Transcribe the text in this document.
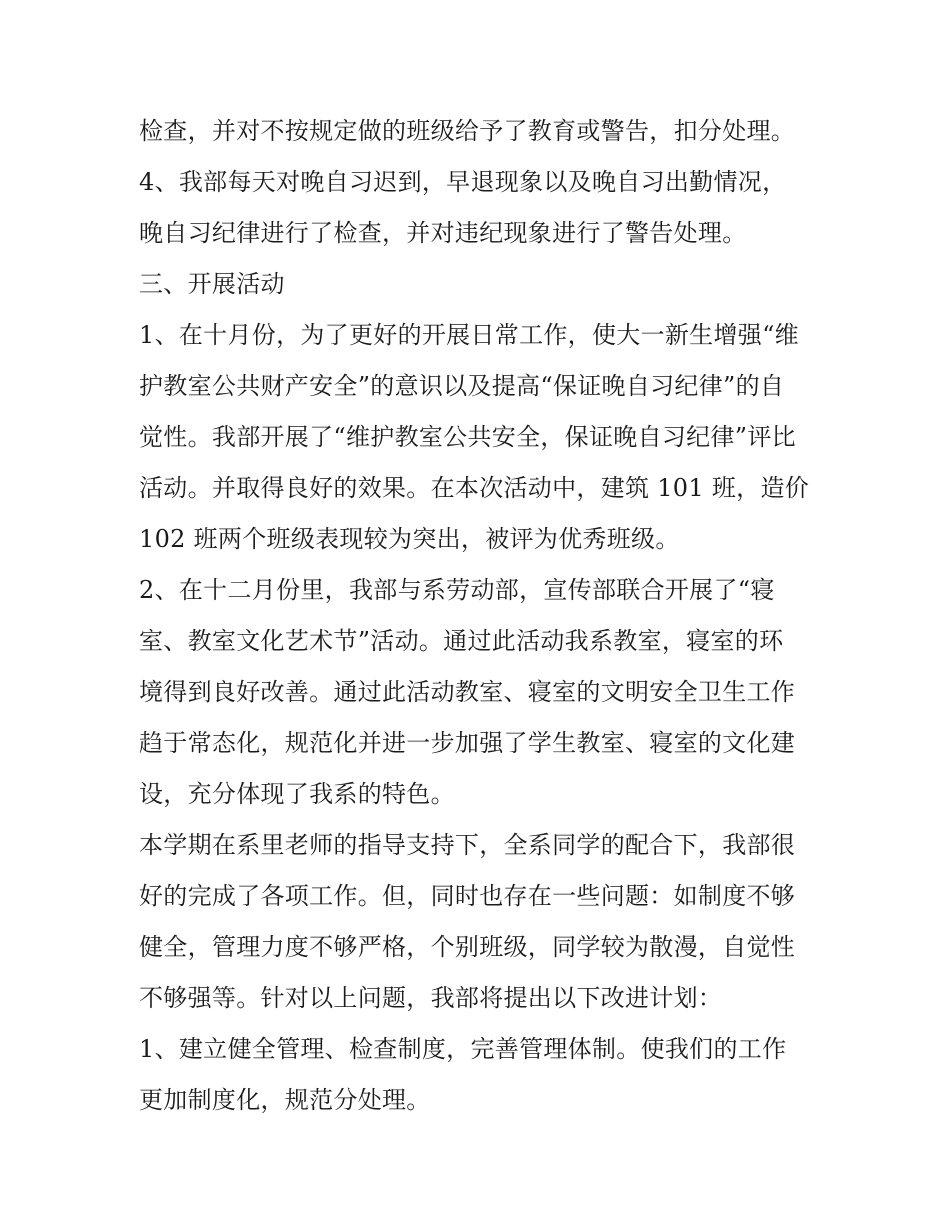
检查，并对不按规定做的班级给予了教育或警告，扣分处理。
4、我部每天对晚自习迟到，早退现象以及晚自习出勤情况，
晚自习纪律进行了检查，并对违纪现象进行了警告处理。
三、开展活动
1、在十月份，为了更好的开展日常工作，使大一新生增强“维
护教室公共财产安全”的意识以及提高“保证晚自习纪律”的自
觉性。我部开展了“维护教室公共安全，保证晚自习纪律”评比
活动。并取得良好的效果。在本次活动中，建筑 101 班，造价
102 班两个班级表现较为突出，被评为优秀班级。
2、在十二月份里，我部与系劳动部，宣传部联合开展了“寝
室、教室文化艺术节”活动。通过此活动我系教室，寝室的环
境得到良好改善。通过此活动教室、寝室的文明安全卫生工作
趋于常态化，规范化并进一步加强了学生教室、寝室的文化建
设，充分体现了我系的特色。
本学期在系里老师的指导支持下，全系同学的配合下，我部很
好的完成了各项工作。但，同时也存在一些问题：如制度不够
健全，管理力度不够严格，个别班级，同学较为散漫，自觉性
不够强等。针对以上问题，我部将提出以下改进计划：
1、建立健全管理、检查制度，完善管理体制。使我们的工作
更加制度化，规范分处理。
